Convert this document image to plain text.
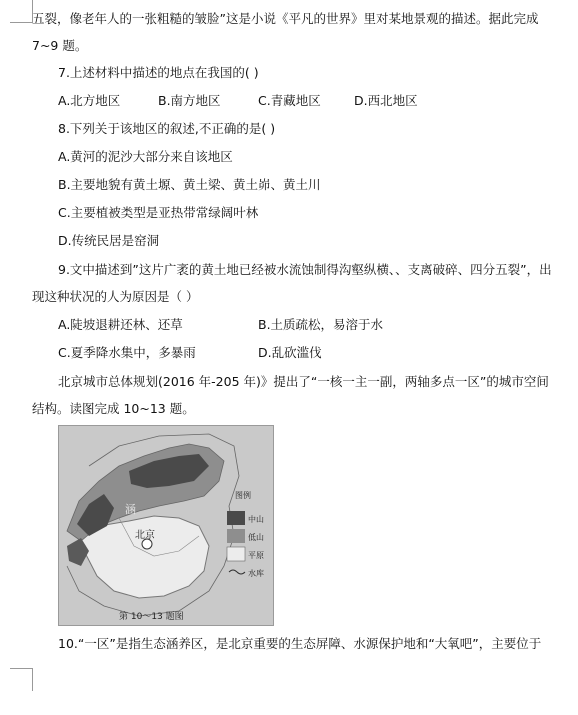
五裂，像老年人的一张粗糙的皱脸”这是小说《平凡的世界》里对某地景观的描述。据此完成
7~9 题。
7.上述材料中描述的地点在我国的( )
A.北方地区	B.南方地区	C.青藏地区	D.西北地区
8.下列关于该地区的叙述,不正确的是( )
A.黄河的泥沙大部分来自该地区
B.主要地貌有黄土塬、黄土梁、黄土峁、黄土川
C.主要植被类型是亚热带常绿阔叶林
D.传统民居是窑洞
9.文中描述到”这片广袤的黄土地已经被水流蚀制得沟壑纵横、、支离破碎、四分五裂”，出
现这种状况的人为原因是（ ）
A.陡坡退耕还林、还草	B.土质疏松，易溶于水
C.夏季降水集中，多暴雨	D.乱砍滥伐
北京城市总体规划(2016 年-205 年)》提出了“一核一主一副，两轴多点一区”的城市空间
结构。读图完成 10~13 题。
北京
涵
图例
中山
低山
平原
水库
第 10～13 题图
10.“一区”是指生态涵养区，是北京重要的生态屏障、水源保护地和“大氧吧”，主要位于
